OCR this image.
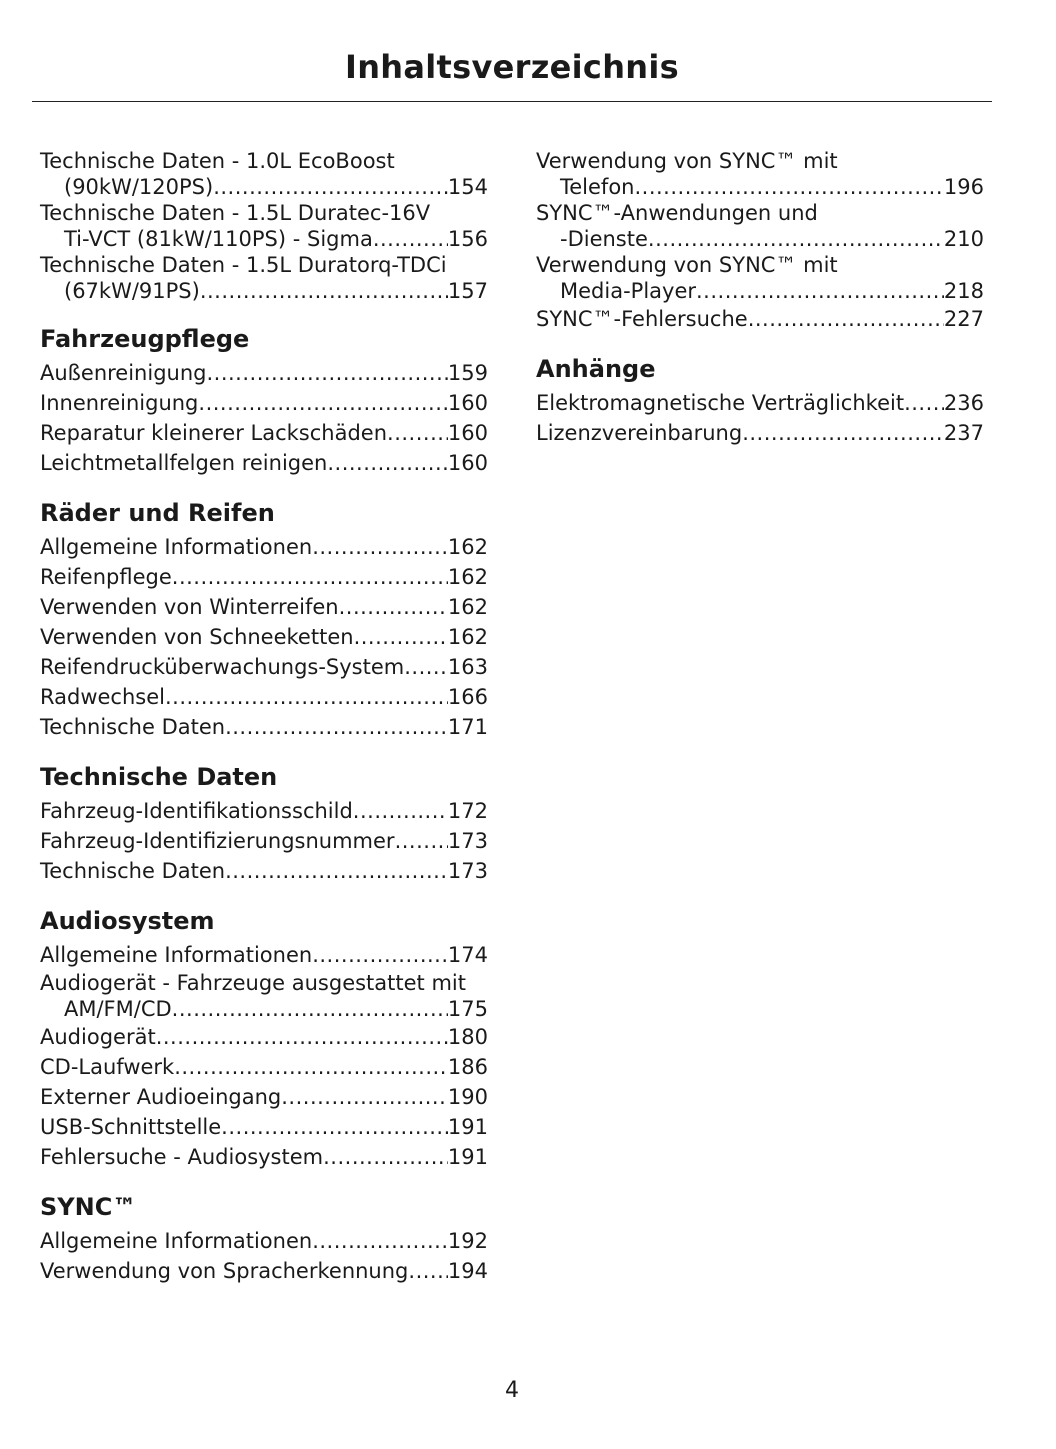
Inhaltsverzeichnis
Technische Daten - 1.0L EcoBoost
(90kW/120PS) .....	154
Technische Daten - 1.5L Duratec-16V
Ti-VCT (81kW/110PS) - Sigma .....	156
Technische Daten - 1.5L Duratorq-TDCi
(67kW/91PS) .....	157
Fahrzeugpflege
Außenreinigung .....	159
Innenreinigung .....	160
Reparatur kleinerer Lackschäden .....	160
Leichtmetallfelgen reinigen .....	160
Räder und Reifen
Allgemeine Informationen .....	162
Reifenpflege .....	162
Verwenden von Winterreifen .....	162
Verwenden von Schneeketten .....	162
Reifendrucküberwachungs-System ..... 163
Radwechsel .....	166
Technische Daten .....	171
Technische Daten
Fahrzeug-Identifikationsschild .....	172
Fahrzeug-Identifizierungsnummer .....	173
Technische Daten .....	173
Audiosystem
Allgemeine Informationen .....	174
Audiogerät - Fahrzeuge ausgestattet mit
AM/FM/CD .....	175
Audiogerät .....	180
CD-Laufwerk .....	186
Externer Audioeingang .....	190
USB-Schnittstelle .....	191
Fehlersuche - Audiosystem .....	191
SYNC™
Allgemeine Informationen .....	192
Verwendung von Spracherkennung ..... 194
Verwendung von SYNC™ mit
Telefon .....	196
SYNC™-Anwendungen und
-Dienste .....	210
Verwendung von SYNC™ mit
Media-Player .....	218
SYNC™-Fehlersuche .....	227
Anhänge
Elektromagnetische Verträglichkeit ..... 236
Lizenzvereinbarung .....	237
4
